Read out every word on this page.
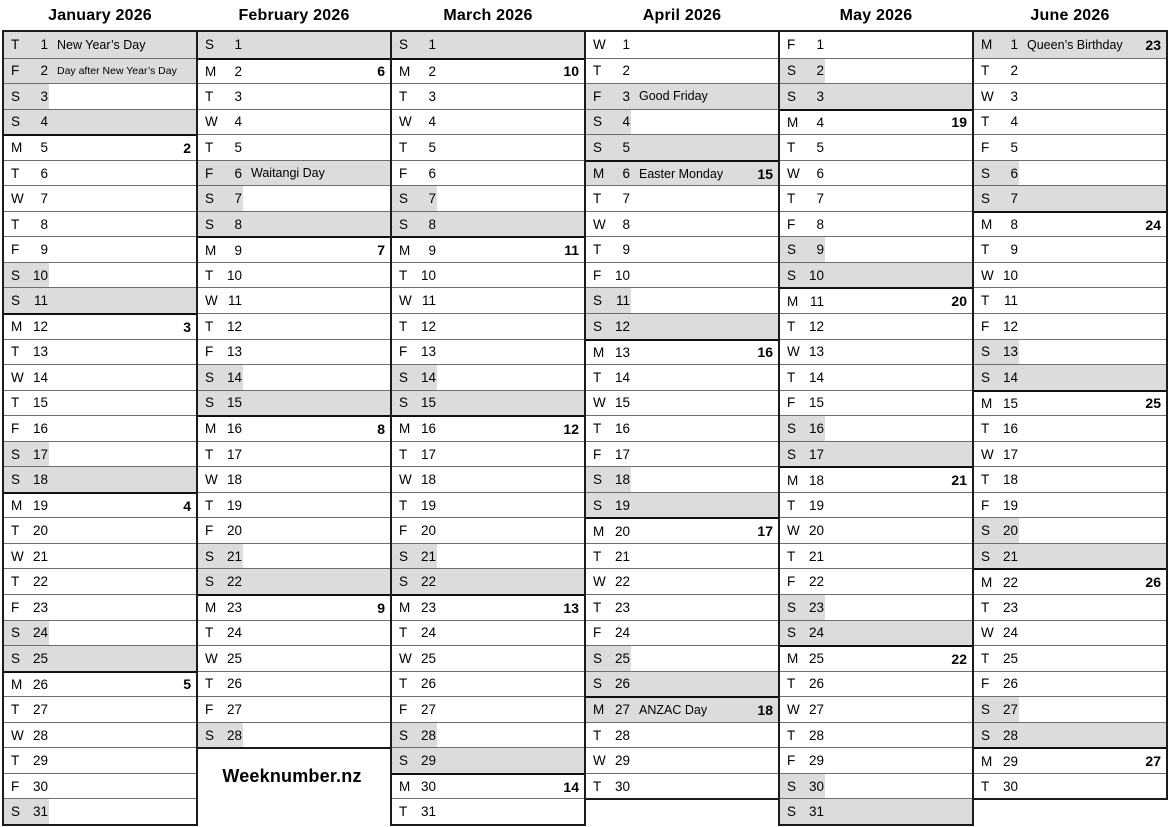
January 2026
T	1 New Year’s Day
F	2 Day after New Year’s Day
S	3
S	4
M	5	2
T	6
W	7
T	8
F	9
S 10
S	11
M 12	3
T	13
W 14
T	15
F	16
S 17
S 18
M 19	4
T	20
W 21
T	22
F	23
S 24
S 25
M 26	5
T	27
W 28
T	29
F	30
S 31
February 2026
S	1
M	2	6
T	3
W	4
T	5
F	6 Waitangi Day
S	7
S	8
M	9	7
T	10
W 11
T	12
F	13
S 14
S 15
M 16	8
T	17
W 18
T	19
F	20
S 21
S 22
M 23	9
T	24
W 25
T	26
F	27
S 28
March 2026
S	1
M	2	10
T	3
W	4
T	5
F	6
S	7
S	8
M	9	11
T	10
W 11
T	12
F	13
S 14
S 15
M 16	12
T	17
W 18
T	19
F	20
S 21
S 22
M 23	13
T	24
W 25
T	26
F	27
S 28
S 29
M 30	14
T	31
April 2026
W	1
T	2
F	3 Good Friday
S	4
S	5
M	6 Easter Monday	15
T	7
W	8
T	9
F	10
S	11
S 12
M 13	16
T	14
W 15
T	16
F	17
S 18
S 19
M 20	17
T	21
W 22
T	23
F	24
S 25
S 26
M 27 ANZAC Day	18
T	28
W 29
T	30
May 2026
F	1
S	2
S	3
M	4	19
T	5
W	6
T	7
F	8
S	9
S 10
M 11	20
T	12
W 13
T	14
F	15
S 16
S 17
M 18	21
T	19
W 20
T	21
F	22
S 23
S 24
M 25	22
T	26
W 27
T	28
F	29
S 30
S 31
June 2026
M	1 Queen’s Birthday	23
T	2
W	3
T	4
F	5
S	6
S	7
M	8	24
T	9
W 10
T	11
F	12
S 13
S 14
M 15	25
T	16
W 17
T	18
F	19
S 20
S 21
M 22	26
T	23
W 24
T	25
F	26
S 27
S 28
M 29	27
T	30
Weeknumber.nz
